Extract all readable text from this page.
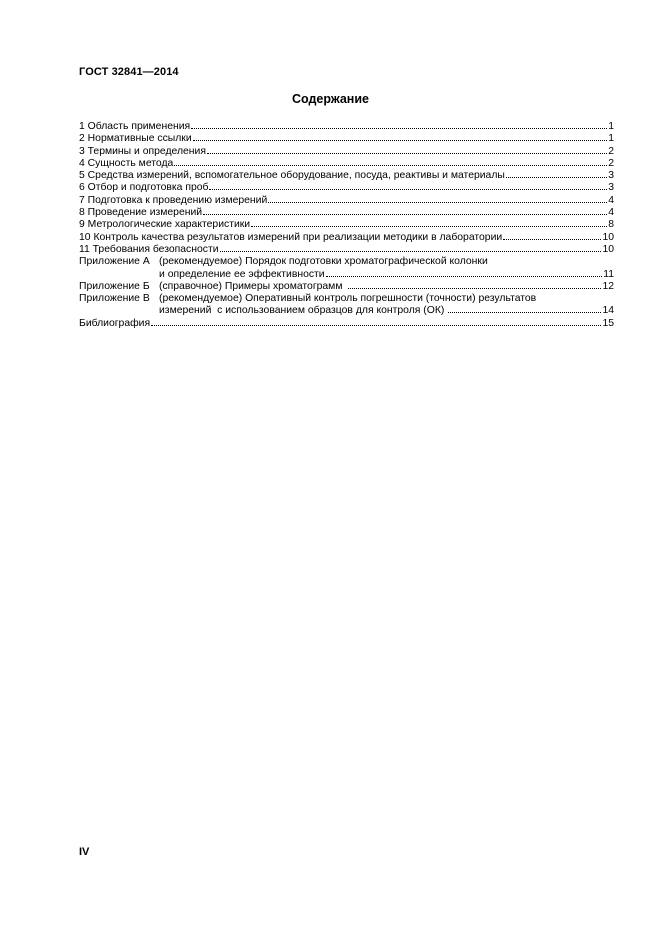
ГОСТ 32841—2014
Содержание
1 Область применения	1
2 Нормативные ссылки	1
3 Термины и определения	2
4 Сущность метода	2
5 Средства измерений, вспомогательное оборудование, посуда, реактивы и материалы	3
6 Отбор и подготовка проб	3
7 Подготовка к проведению измерений	4
8 Проведение измерений	4
9 Метрологические характеристики	8
10 Контроль качества результатов измерений при реализации методики в лаборатории	10
11 Требования безопасности	10
Приложение А (рекомендуемое) Порядок подготовки хроматографической колонки
и определение ее эффективности	11
Приложение Б (справочное) Примеры хроматограмм	12
Приложение В (рекомендуемое) Оперативный контроль погрешности (точности) результатов
измерений  с использованием образцов для контроля (ОК)	14
Библиография	15
IV
